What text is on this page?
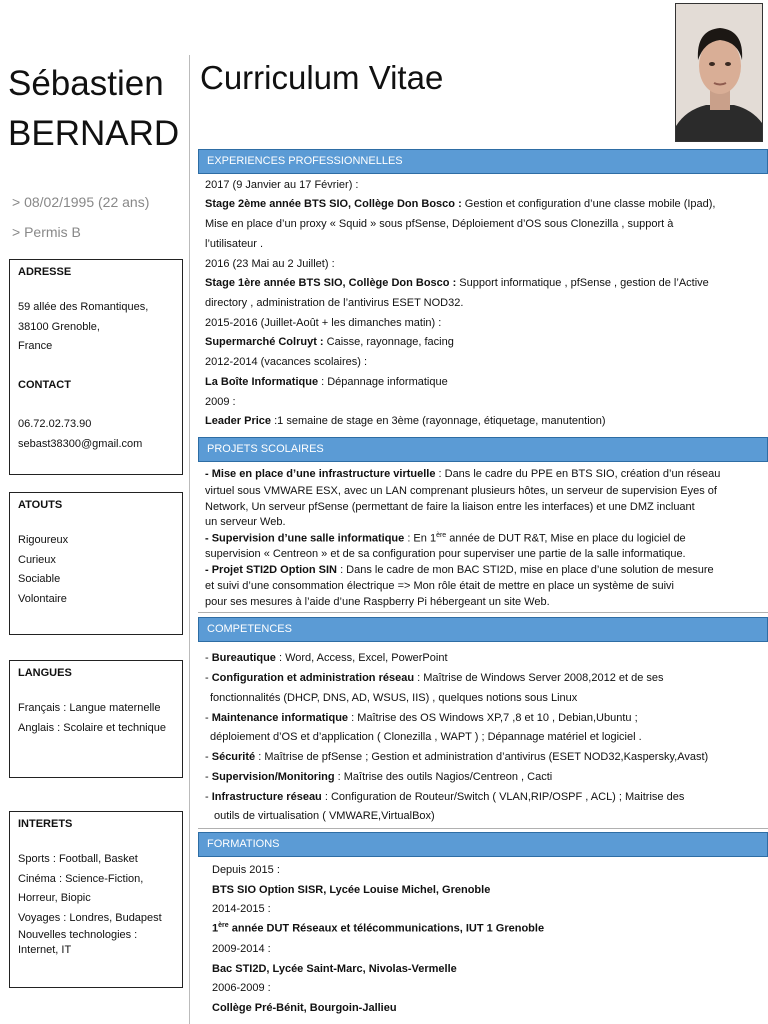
Sébastien
BERNARD
> 08/02/1995 (22 ans)
> Permis B
ADRESSE
59 allée des Romantiques,
38100 Grenoble,
France
CONTACT
06.72.02.73.90
sebast38300@gmail.com
ATOUTS
Rigoureux
Curieux
Sociable
Volontaire
LANGUES
Français : Langue maternelle
Anglais : Scolaire et technique
INTERETS
Sports : Football, Basket
Cinéma : Science-Fiction,
Horreur, Biopic
Voyages : Londres, Budapest
Nouvelles technologies :
Internet, IT
Curriculum Vitae
EXPERIENCES PROFESSIONNELLES
2017 (9 Janvier au 17 Février) :
Stage 2ème année BTS SIO, Collège Don Bosco : Gestion et configuration d’une classe mobile (Ipad),
Mise en place d’un proxy « Squid » sous pfSense, Déploiement d’OS sous Clonezilla , support à
l’utilisateur .
2016 (23 Mai au 2 Juillet) :
Stage 1ère année BTS SIO, Collège Don Bosco : Support informatique , pfSense , gestion de l’Active
directory , administration de l’antivirus ESET NOD32.
2015-2016 (Juillet-Août + les dimanches matin) :
Supermarché Colruyt : Caisse, rayonnage, facing
2012-2014 (vacances scolaires) :
La Boîte Informatique : Dépannage informatique
2009 :
Leader Price :1 semaine de stage en 3ème (rayonnage, étiquetage, manutention)
PROJETS SCOLAIRES
- Mise en place d’une infrastructure virtuelle : Dans le cadre du PPE en BTS SIO, création d’un réseau
virtuel sous VMWARE ESX, avec un LAN comprenant plusieurs hôtes, un serveur de supervision Eyes of
Network, Un serveur pfSense (permettant de faire la liaison entre les interfaces) et une DMZ incluant
un serveur Web.
- Supervision d’une salle informatique : En 1ère année de DUT R&T, Mise en place du logiciel de
supervision « Centreon » et de sa configuration pour superviser une partie de la salle informatique.
- Projet STI2D Option SIN : Dans le cadre de mon BAC STI2D, mise en place d’une solution de mesure
et suivi d’une consommation électrique => Mon rôle était de mettre en place un système de suivi
pour ses mesures à l’aide d’une Raspberry Pi hébergeant un site Web.
COMPETENCES
- Bureautique : Word, Access, Excel, PowerPoint
- Configuration et administration réseau : Maîtrise de Windows Server 2008,2012 et de ses
fonctionnalités (DHCP, DNS, AD, WSUS, IIS) , quelques notions sous Linux
- Maintenance informatique : Maîtrise des OS Windows XP,7 ,8 et 10 , Debian,Ubuntu ;
déploiement d’OS et d’application ( Clonezilla , WAPT ) ; Dépannage matériel et logiciel .
- Sécurité : Maîtrise de pfSense ; Gestion et administration d’antivirus (ESET NOD32,Kaspersky,Avast)
- Supervision/Monitoring : Maîtrise des outils Nagios/Centreon , Cacti
- Infrastructure réseau : Configuration de Routeur/Switch ( VLAN,RIP/OSPF , ACL) ; Maitrise des
outils de virtualisation ( VMWARE,VirtualBox)
FORMATIONS
Depuis 2015 :
BTS SIO Option SISR, Lycée Louise Michel, Grenoble
2014-2015 :
1ère année DUT Réseaux et télécommunications, IUT 1 Grenoble
2009-2014 :
Bac STI2D, Lycée Saint-Marc, Nivolas-Vermelle
2006-2009 :
Collège Pré-Bénit, Bourgoin-Jallieu
